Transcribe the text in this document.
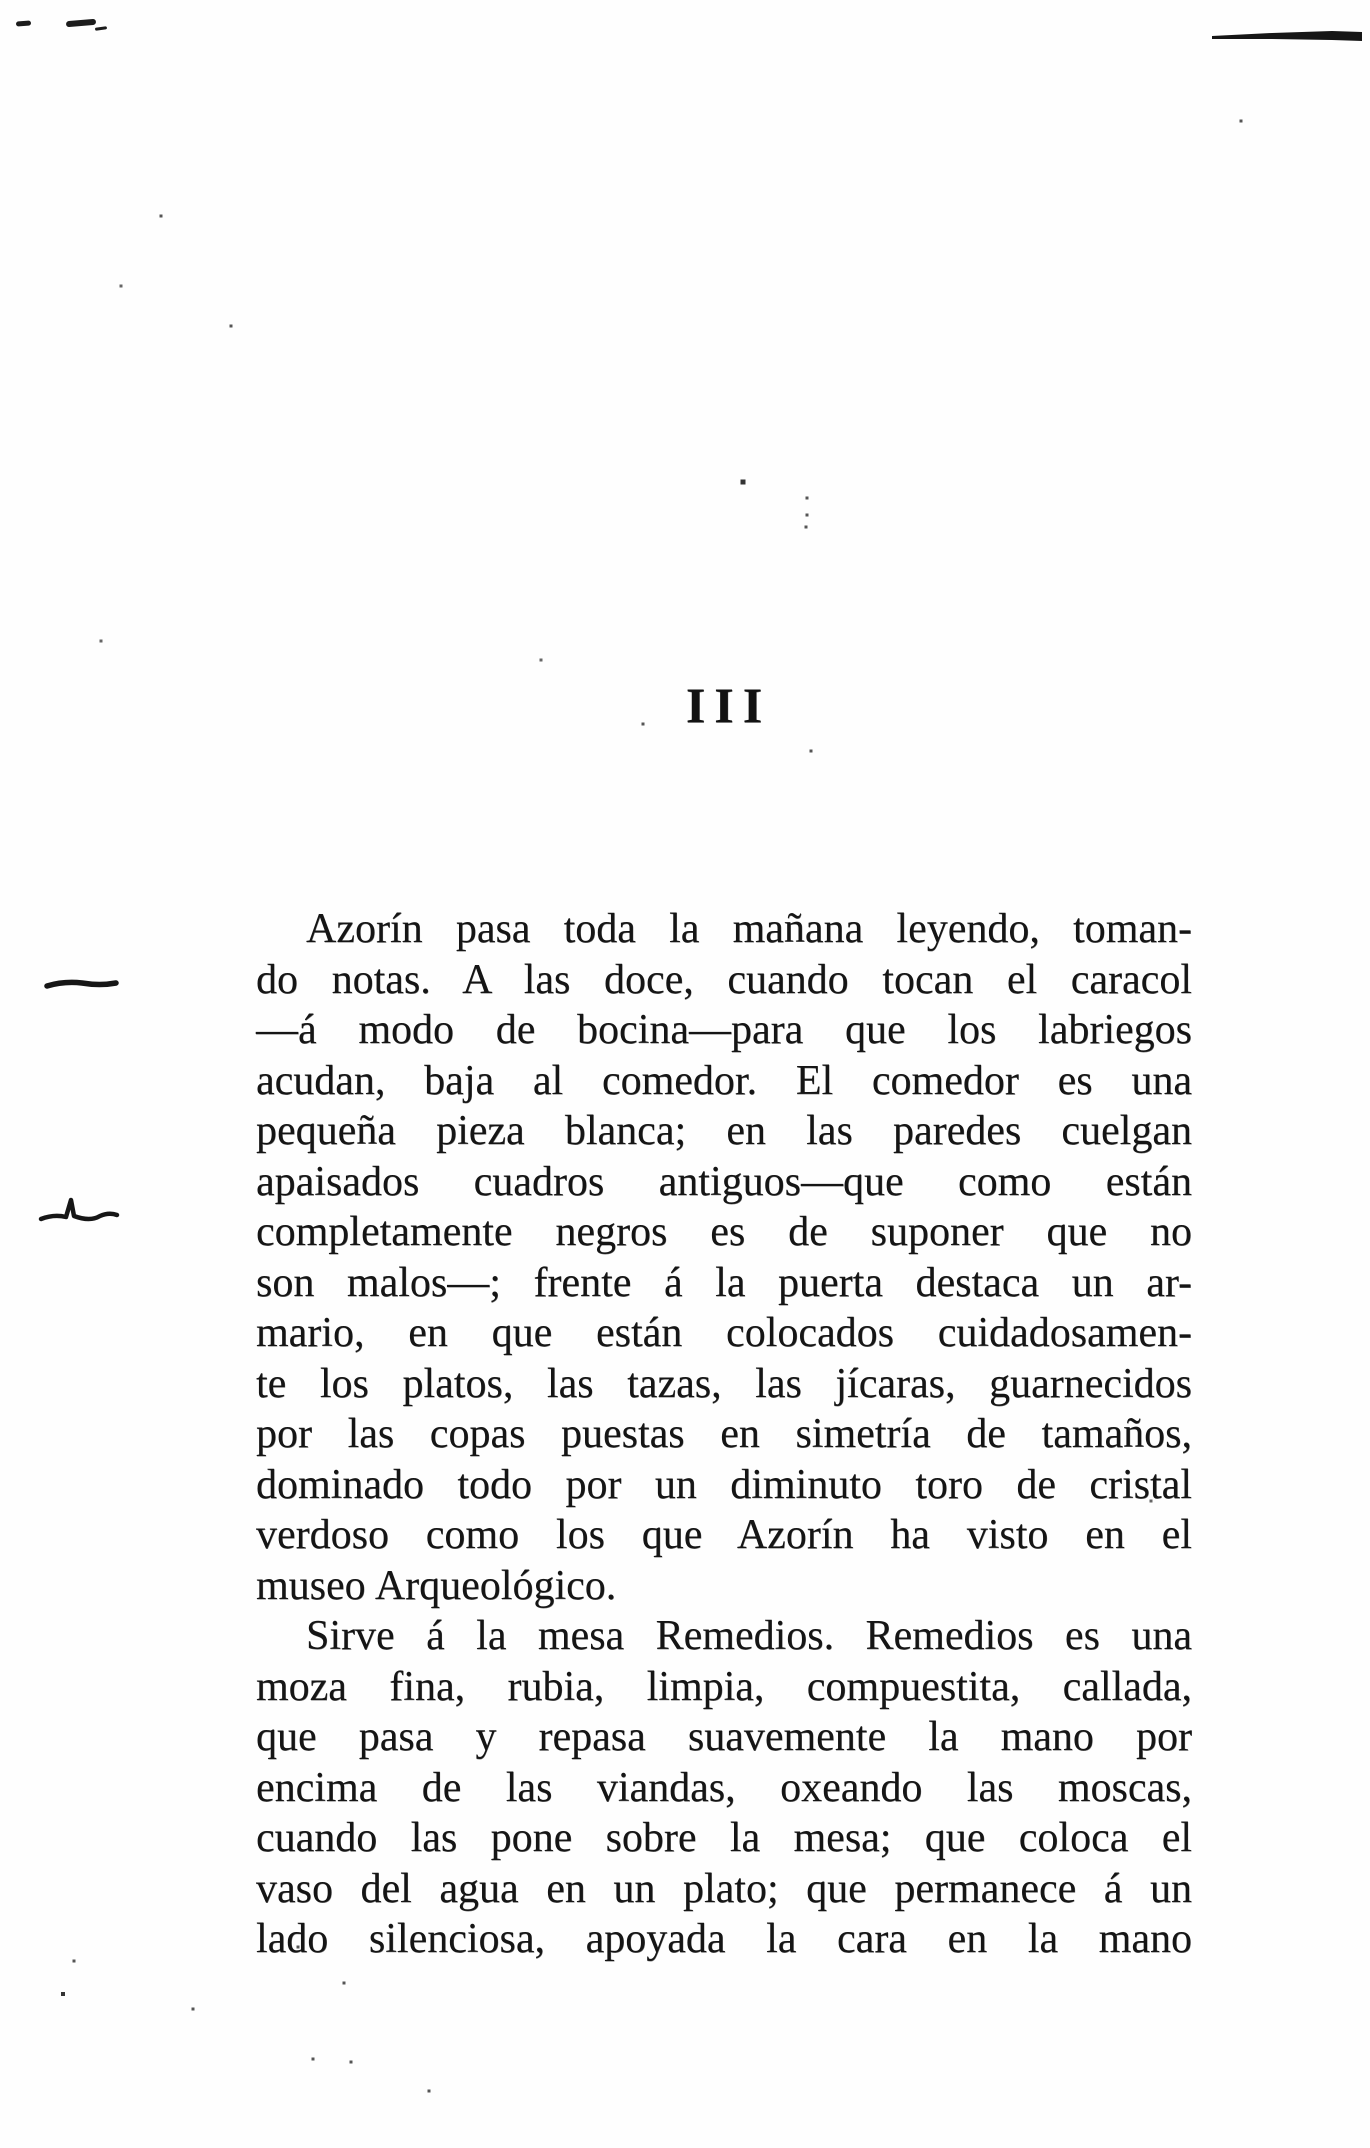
III
Azorín pasa toda la mañana leyendo, toman-
do notas. A las doce, cuando tocan el caracol
—á modo de bocina—para que los labriegos
acudan, baja al comedor. El comedor es una
pequeña pieza blanca; en las paredes cuelgan
apaisados cuadros antiguos—que como están
completamente negros es de suponer que no
son malos—; frente á la puerta destaca un ar-
mario, en que están colocados cuidadosamen-
te los platos, las tazas, las jícaras, guarnecidos
por las copas puestas en simetría de tamaños,
dominado todo por un diminuto toro de cristal
verdoso como los que Azorín ha visto en el
museo Arqueológico.
Sirve á la mesa Remedios. Remedios es una
moza fina, rubia, limpia, compuestita, callada,
que pasa y repasa suavemente la mano por
encima de las viandas, oxeando las moscas,
cuando las pone sobre la mesa; que coloca el
vaso del agua en un plato; que permanece á un
lado silenciosa, apoyada la cara en la mano
